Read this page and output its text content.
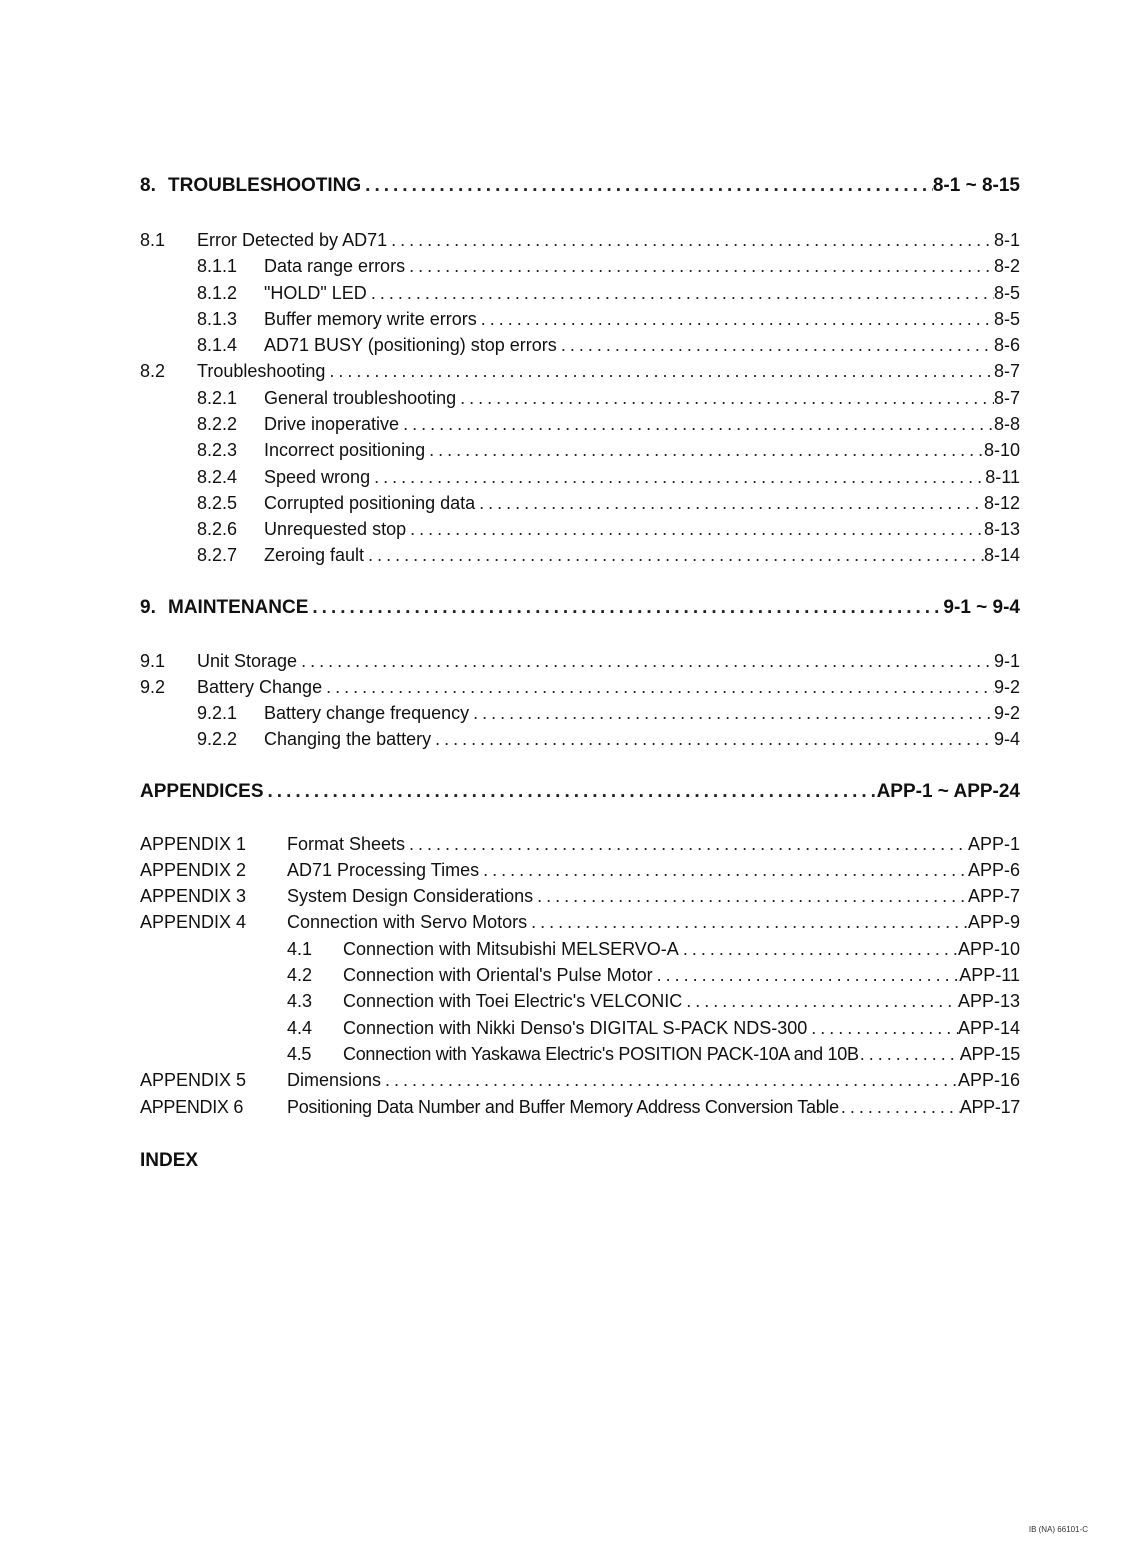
8. TROUBLESHOOTING .....	8-1 ~ 8-15
8.1	Error Detected by AD71 .....	8-1
8.1.1	Data range errors .....	8-2
8.1.2	"HOLD" LED .....	8-5
8.1.3	Buffer memory write errors .....	8-5
8.1.4	AD71 BUSY (positioning) stop errors .....	8-6
8.2	Troubleshooting .....	8-7
8.2.1	General troubleshooting .....	8-7
8.2.2	Drive inoperative .....	8-8
8.2.3	Incorrect positioning .....	8-10
8.2.4	Speed wrong .....	8-11
8.2.5	Corrupted positioning data .....	8-12
8.2.6	Unrequested stop .....	8-13
8.2.7	Zeroing fault .....	8-14
9. MAINTENANCE .....	9-1 ~ 9-4
9.1	Unit Storage .....	9-1
9.2	Battery Change .....	9-2
9.2.1	Battery change frequency .....	9-2
9.2.2	Changing the battery .....	9-4
APPENDICES .....	APP-1 ~ APP-24
APPENDIX 1	Format Sheets .....	APP-1
APPENDIX 2	AD71 Processing Times .....	APP-6
APPENDIX 3	System Design Considerations .....	APP-7
APPENDIX 4	Connection with Servo Motors .....	APP-9
4.1	Connection with Mitsubishi MELSERVO-A .....	APP-10
4.2	Connection with Oriental's Pulse Motor .....	APP-11
4.3	Connection with Toei Electric's VELCONIC .....	APP-13
4.4	Connection with Nikki Denso's DIGITAL S-PACK NDS-300 .....	APP-14
4.5	Connection with Yaskawa Electric's POSITION PACK-10A and 10B .....	APP-15
APPENDIX 5	Dimensions .....	APP-16
APPENDIX 6	Positioning Data Number and Buffer Memory Address Conversion Table .....	APP-17
INDEX
IB (NA) 66101-C
